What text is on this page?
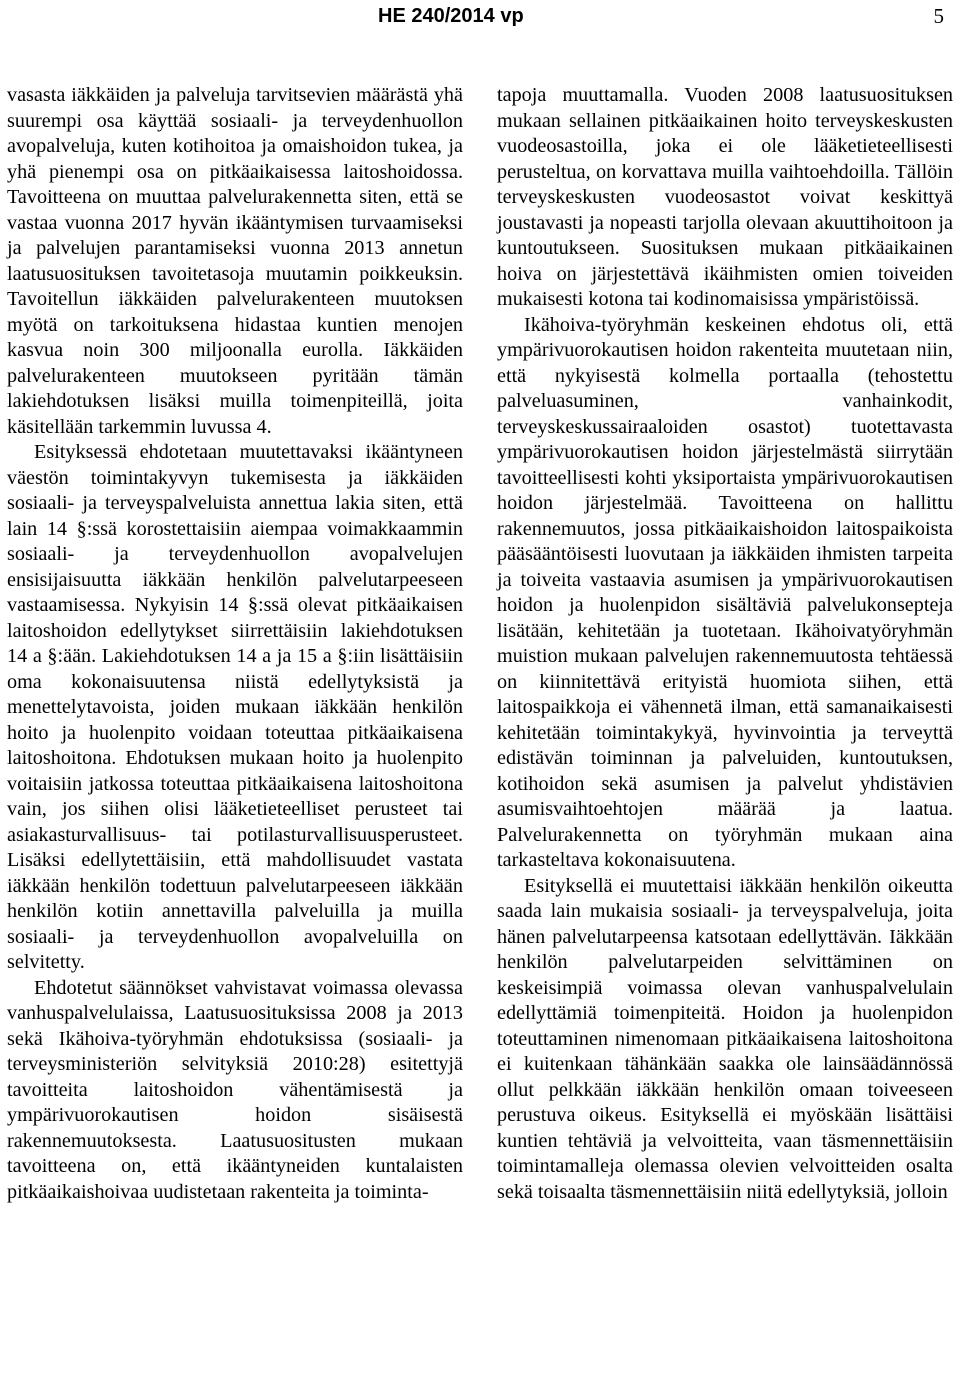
HE 240/2014 vp	5

vasasta iäkkäiden ja palveluja tarvitsevien määrästä yhä suurempi osa käyttää sosiaali- ja terveydenhuollon avopalveluja, kuten kotihoitoa ja omaishoidon tukea, ja yhä pienempi osa on pitkäaikaisessa laitoshoidossa. Tavoitteena on muuttaa palvelurakennetta siten, että se vastaa vuonna 2017 hyvän ikääntymisen turvaamiseksi ja palvelujen parantamiseksi vuonna 2013 annetun laatusuosituksen tavoitetasoja muutamin poikkeuksin. Tavoitellun iäkkäiden palvelurakenteen muutoksen myötä on tarkoituksena hidastaa kuntien menojen kasvua noin 300 miljoonalla eurolla. Iäkkäiden palvelurakenteen muutokseen pyritään tämän lakiehdotuksen lisäksi muilla toimenpiteillä, joita käsitellään tarkemmin luvussa 4.

Esityksessä ehdotetaan muutettavaksi ikääntyneen väestön toimintakyvyn tukemisesta ja iäkkäiden sosiaali- ja terveyspalveluista annettua lakia siten, että lain 14 §:ssä korostettaisiin aiempaa voimakkaammin sosiaali- ja terveydenhuollon avopalvelujen ensisijaisuutta iäkkään henkilön palvelutarpeeseen vastaamisessa. Nykyisin 14 §:ssä olevat pitkäaikaisen laitoshoidon edellytykset siirrettäisiin lakiehdotuksen 14 a §:ään. Lakiehdotuksen 14 a ja 15 a §:iin lisättäisiin oma kokonaisuutensa niistä edellytyksistä ja menettelytavoista, joiden mukaan iäkkään henkilön hoito ja huolenpito voidaan toteuttaa pitkäaikaisena laitoshoitona. Ehdotuksen mukaan hoito ja huolenpito voitaisiin jatkossa toteuttaa pitkäaikaisena laitoshoitona vain, jos siihen olisi lääketieteelliset perusteet tai asiakasturvallisuus- tai potilasturvallisuusperusteet. Lisäksi edellytettäisiin, että mahdollisuudet vastata iäkkään henkilön todettuun palvelutarpeeseen iäkkään henkilön kotiin annettavilla palveluilla ja muilla sosiaali- ja terveydenhuollon avopalveluilla on selvitetty.

Ehdotetut säännökset vahvistavat voimassa olevassa vanhuspalvelulaissa, Laatusuosituksissa 2008 ja 2013 sekä Ikähoiva-työryhmän ehdotuksissa (sosiaali- ja terveysministeriön selvityksiä 2010:28) esitettyjä tavoitteita laitoshoidon vähentämisestä ja ympärivuorokautisen hoidon sisäisestä rakennemuutoksesta. Laatusuositusten mukaan tavoitteena on, että ikääntyneiden kuntalaisten pitkäaikaishoivaa uudistetaan rakenteita ja toiminta-

tapoja muuttamalla. Vuoden 2008 laatusuosituksen mukaan sellainen pitkäaikainen hoito terveyskeskusten vuodeosastoilla, joka ei ole lääketieteellisesti perusteltua, on korvattava muilla vaihtoehdoilla. Tällöin terveyskeskusten vuodeosastot voivat keskittyä joustavasti ja nopeasti tarjolla olevaan akuuttihoitoon ja kuntoutukseen. Suosituksen mukaan pitkäaikainen hoiva on järjestettävä ikäihmisten omien toiveiden mukaisesti kotona tai kodinomaisissa ympäristöissä.

Ikähoiva-työryhmän keskeinen ehdotus oli, että ympärivuorokautisen hoidon rakenteita muutetaan niin, että nykyisestä kolmella portaalla (tehostettu palveluasuminen, vanhainkodit, terveyskeskussairaaloiden osastot) tuotettavasta ympärivuorokautisen hoidon järjestelmästä siirrytään tavoitteellisesti kohti yksiportaista ympärivuorokautisen hoidon järjestelmää. Tavoitteena on hallittu rakennemuutos, jossa pitkäaikaishoidon laitospaikoista pääsääntöisesti luovutaan ja iäkkäiden ihmisten tarpeita ja toiveita vastaavia asumisen ja ympärivuorokautisen hoidon ja huolenpidon sisältäviä palvelukonsepteja lisätään, kehitetään ja tuotetaan. Ikähoivatyöryhmän muistion mukaan palvelujen rakennemuutosta tehtäessä on kiinnitettävä erityistä huomiota siihen, että laitospaikkoja ei vähennetä ilman, että samanaikaisesti kehitetään toimintakykyä, hyvinvointia ja terveyttä edistävän toiminnan ja palveluiden, kuntoutuksen, kotihoidon sekä asumisen ja palvelut yhdistävien asumisvaihtoehtojen määrää ja laatua. Palvelurakennetta on työryhmän mukaan aina tarkasteltava kokonaisuutena.

Esityksellä ei muutettaisi iäkkään henkilön oikeutta saada lain mukaisia sosiaali- ja terveyspalveluja, joita hänen palvelutarpeensa katsotaan edellyttävän. Iäkkään henkilön palvelutarpeiden selvittäminen on keskeisimpiä voimassa olevan vanhuspalvelulain edellyttämiä toimenpiteitä. Hoidon ja huolenpidon toteuttaminen nimenomaan pitkäaikaisena laitoshoitona ei kuitenkaan tähänkään saakka ole lainsäädännössä ollut pelkkään iäkkään henkilön omaan toiveeseen perustuva oikeus. Esityksellä ei myöskään lisättäisi kuntien tehtäviä ja velvoitteita, vaan täsmennettäisiin toimintamalleja olemassa olevien velvoitteiden osalta sekä toisaalta täsmennettäisiin niitä edellytyksiä, jolloin
